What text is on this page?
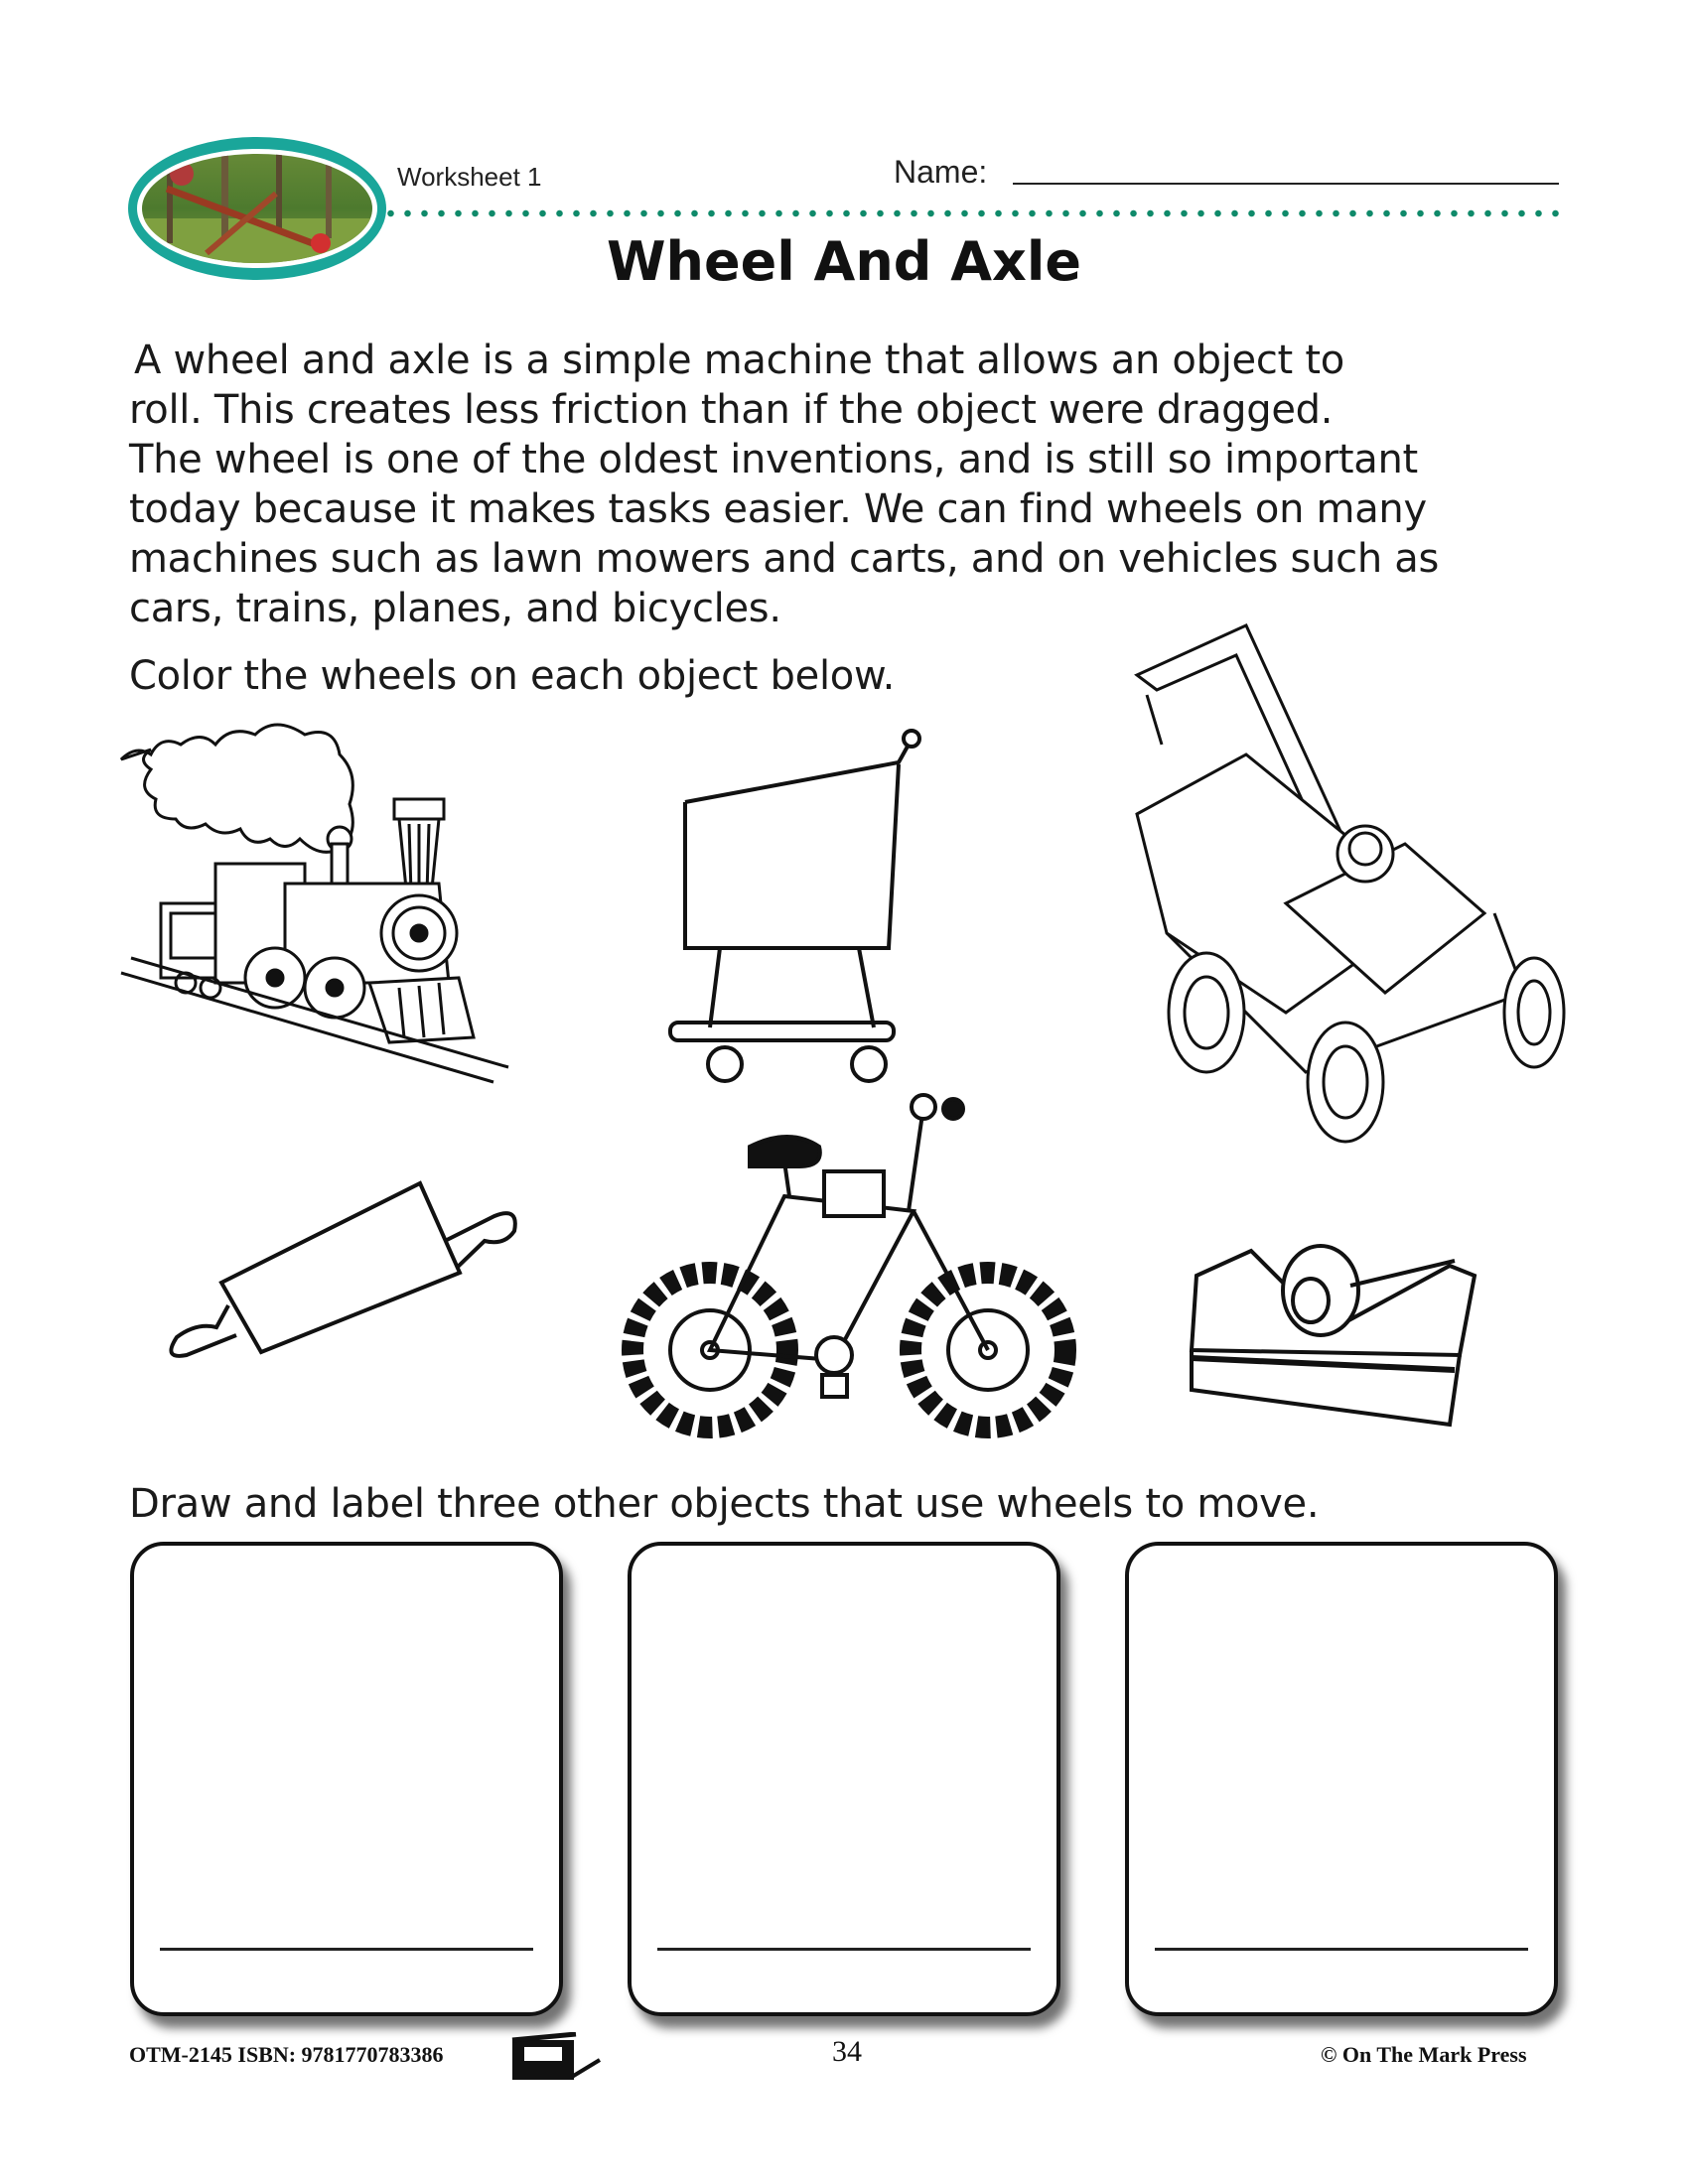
Worksheet 1	Name:
Wheel And Axle
A wheel and axle is a simple machine that allows an object to
roll. This creates less friction than if the object were dragged.
The wheel is one of the oldest inventions, and is still so important
today because it makes tasks easier. We can find wheels on many
machines such as lawn mowers and carts, and on vehicles such as
cars, trains, planes, and bicycles.
Color the wheels on each object below.
Draw and label three other objects that use wheels to move.
OTM-2145 ISBN: 9781770783386	34	© On The Mark Press
